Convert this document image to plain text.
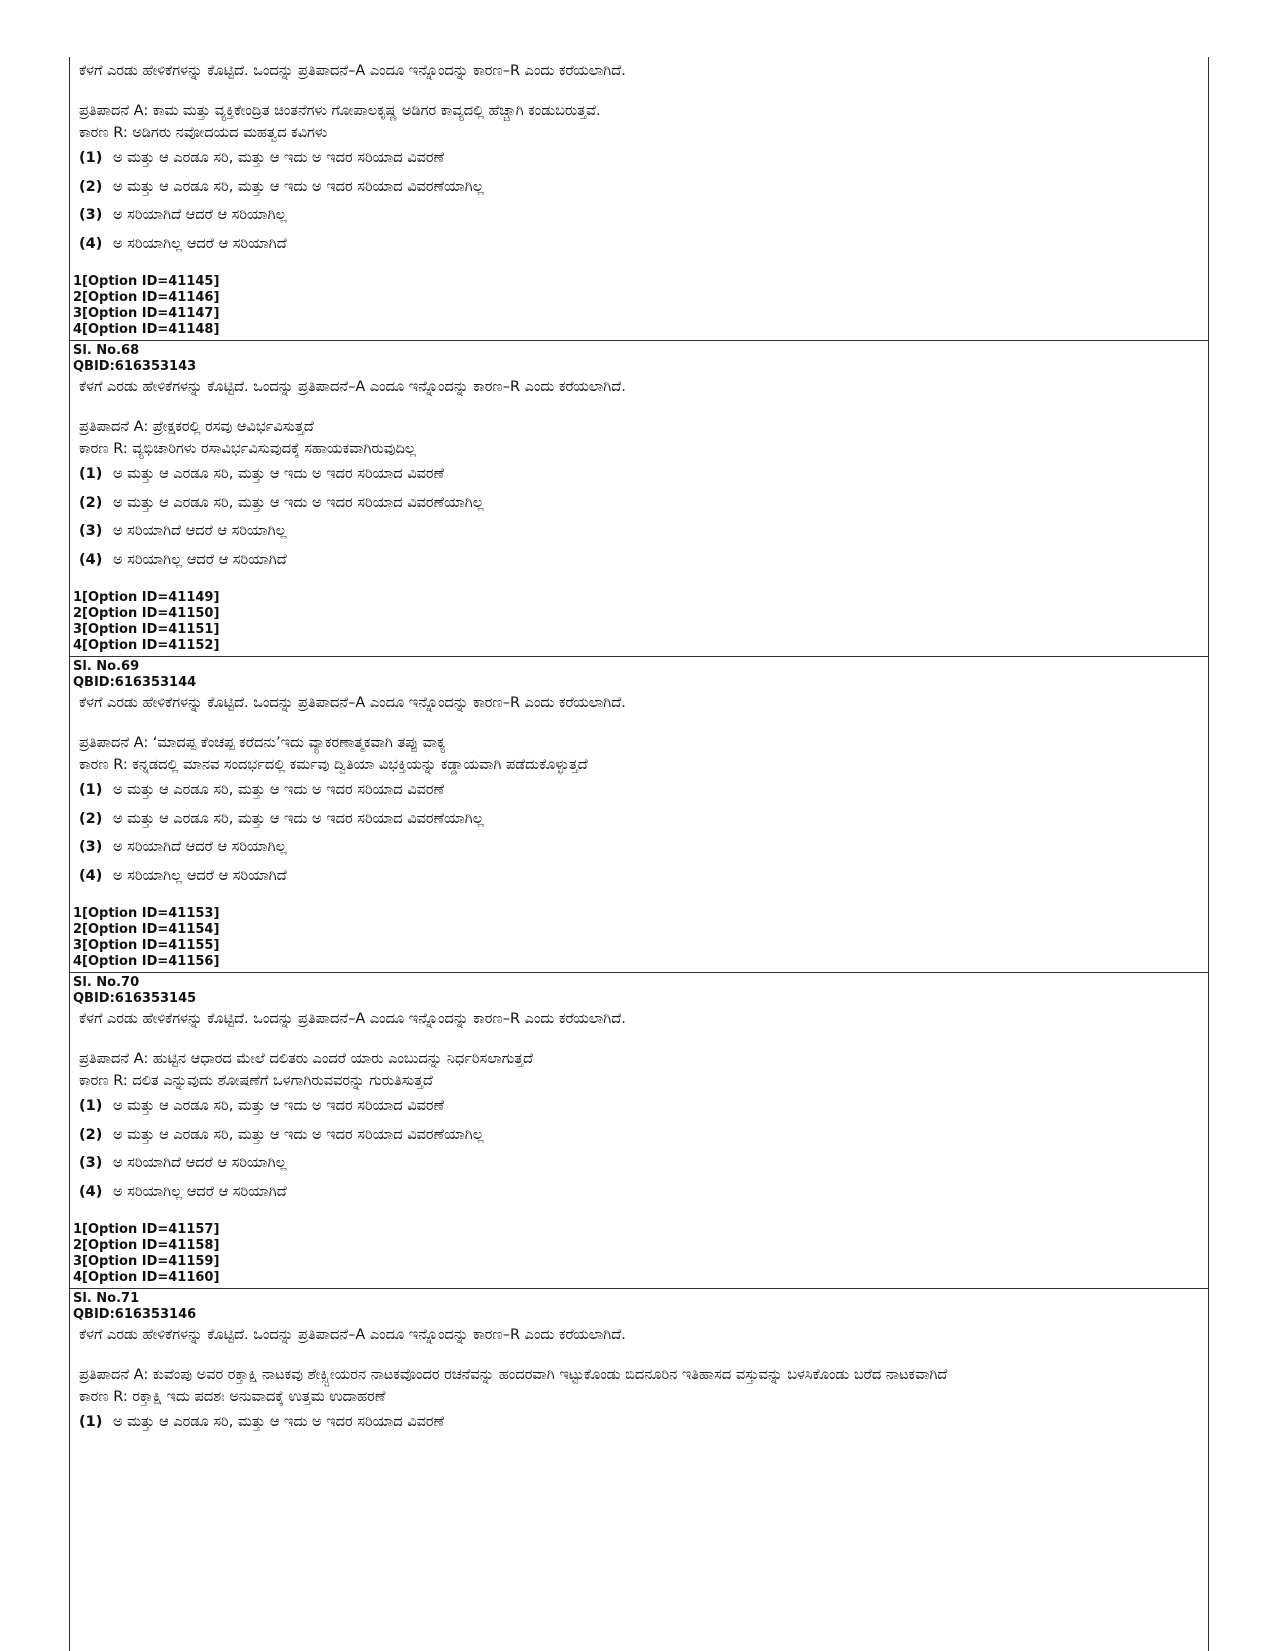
ಕೆಳಗೆ ಎರಡು ಹೇಳಿಕೆಗಳನ್ನು ಕೊಟ್ಟಿದೆ. ಒಂದನ್ನು ಪ್ರತಿಪಾದನೆ–A ಎಂದೂ ಇನ್ನೊಂದನ್ನು ಕಾರಣ–R ಎಂದು ಕರೆಯಲಾಗಿದೆ.
ಪ್ರತಿಪಾದನೆ A: ಕಾಮ ಮತ್ತು ವ್ಯಕ್ತಿಕೇಂದ್ರಿತ ಚಿಂತನೆಗಳು ಗೋಪಾಲಕೃಷ್ಣ ಅಡಿಗರ ಕಾವ್ಯದಲ್ಲಿ ಹೆಚ್ಚಾಗಿ ಕಂಡುಬರುತ್ತವೆ.
ಕಾರಣ R: ಅಡಿಗರು ನವೋದಯದ ಮಹತ್ವದ ಕವಿಗಳು
(1) ಅ ಮತ್ತು ಆ ಎರಡೂ ಸರಿ, ಮತ್ತು ಆ ಇದು ಅ ಇದರ ಸರಿಯಾದ ವಿವರಣೆ
(2) ಅ ಮತ್ತು ಆ ಎರಡೂ ಸರಿ, ಮತ್ತು ಆ ಇದು ಅ ಇದರ ಸರಿಯಾದ ವಿವರಣೆಯಾಗಿಲ್ಲ
(3) ಅ ಸರಿಯಾಗಿದೆ ಆದರೆ ಆ ಸರಿಯಾಗಿಲ್ಲ
(4) ಅ ಸರಿಯಾಗಿಲ್ಲ ಆದರೆ ಆ ಸರಿಯಾಗಿದೆ
1[Option ID=41145]
2[Option ID=41146]
3[Option ID=41147]
4[Option ID=41148]
Sl. No.68
QBID:616353143
ಕೆಳಗೆ ಎರಡು ಹೇಳಿಕೆಗಳನ್ನು ಕೊಟ್ಟಿದೆ. ಒಂದನ್ನು ಪ್ರತಿಪಾದನೆ–A ಎಂದೂ ಇನ್ನೊಂದನ್ನು ಕಾರಣ–R ಎಂದು ಕರೆಯಲಾಗಿದೆ.
ಪ್ರತಿಪಾದನೆ A: ಪ್ರೇಕ್ಷಕರಲ್ಲಿ ರಸವು ಆವಿರ್ಭವಿಸುತ್ತದೆ
ಕಾರಣ R: ವ್ಯಭಿಚಾರಿಗಳು ರಸಾವಿರ್ಭವಿಸುವುದಕ್ಕೆ ಸಹಾಯಕವಾಗಿರುವುದಿಲ್ಲ
(1) ಅ ಮತ್ತು ಆ ಎರಡೂ ಸರಿ, ಮತ್ತು ಆ ಇದು ಅ ಇದರ ಸರಿಯಾದ ವಿವರಣೆ
(2) ಅ ಮತ್ತು ಆ ಎರಡೂ ಸರಿ, ಮತ್ತು ಆ ಇದು ಅ ಇದರ ಸರಿಯಾದ ವಿವರಣೆಯಾಗಿಲ್ಲ
(3) ಅ ಸರಿಯಾಗಿದೆ ಆದರೆ ಆ ಸರಿಯಾಗಿಲ್ಲ
(4) ಅ ಸರಿಯಾಗಿಲ್ಲ ಆದರೆ ಆ ಸರಿಯಾಗಿದೆ
1[Option ID=41149]
2[Option ID=41150]
3[Option ID=41151]
4[Option ID=41152]
Sl. No.69
QBID:616353144
ಕೆಳಗೆ ಎರಡು ಹೇಳಿಕೆಗಳನ್ನು ಕೊಟ್ಟಿದೆ. ಒಂದನ್ನು ಪ್ರತಿಪಾದನೆ–A ಎಂದೂ ಇನ್ನೊಂದನ್ನು ಕಾರಣ–R ಎಂದು ಕರೆಯಲಾಗಿದೆ.
ಪ್ರತಿಪಾದನೆ A: ‘ಮಾದಪ್ಪ ಕೆಂಚಪ್ಪ ಕರೆದನು’ಇದು ವ್ಯಾಕರಣಾತ್ಮಕವಾಗಿ ತಪ್ಪು ವಾಕ್ಯ
ಕಾರಣ R: ಕನ್ನಡದಲ್ಲಿ ಮಾನವ ಸಂದರ್ಭದಲ್ಲಿ ಕರ್ಮವು ದ್ವಿತಿಯಾ ವಿಭಕ್ತಿಯನ್ನು ಕಡ್ಡಾಯವಾಗಿ ಪಡೆದುಕೊಳ್ಳುತ್ತದೆ
(1) ಅ ಮತ್ತು ಆ ಎರಡೂ ಸರಿ, ಮತ್ತು ಆ ಇದು ಅ ಇದರ ಸರಿಯಾದ ವಿವರಣೆ
(2) ಅ ಮತ್ತು ಆ ಎರಡೂ ಸರಿ, ಮತ್ತು ಆ ಇದು ಅ ಇದರ ಸರಿಯಾದ ವಿವರಣೆಯಾಗಿಲ್ಲ
(3) ಅ ಸರಿಯಾಗಿದೆ ಆದರೆ ಆ ಸರಿಯಾಗಿಲ್ಲ
(4) ಅ ಸರಿಯಾಗಿಲ್ಲ ಆದರೆ ಆ ಸರಿಯಾಗಿದೆ
1[Option ID=41153]
2[Option ID=41154]
3[Option ID=41155]
4[Option ID=41156]
Sl. No.70
QBID:616353145
ಕೆಳಗೆ ಎರಡು ಹೇಳಿಕೆಗಳನ್ನು ಕೊಟ್ಟಿದೆ. ಒಂದನ್ನು ಪ್ರತಿಪಾದನೆ–A ಎಂದೂ ಇನ್ನೊಂದನ್ನು ಕಾರಣ–R ಎಂದು ಕರೆಯಲಾಗಿದೆ.
ಪ್ರತಿಪಾದನೆ A: ಹುಟ್ಟಿನ ಆಧಾರದ ಮೇಲೆ ದಲಿತರು ಎಂದರೆ ಯಾರು ಎಂಬುದನ್ನು ನಿರ್ಧರಿಸಲಾಗುತ್ತದೆ
ಕಾರಣ R: ದಲಿತ ಎನ್ನುವುದು ಶೋಷಣೆಗೆ ಒಳಗಾಗಿರುವವರನ್ನು ಗುರುತಿಸುತ್ತದೆ
(1) ಅ ಮತ್ತು ಆ ಎರಡೂ ಸರಿ, ಮತ್ತು ಆ ಇದು ಅ ಇದರ ಸರಿಯಾದ ವಿವರಣೆ
(2) ಅ ಮತ್ತು ಆ ಎರಡೂ ಸರಿ, ಮತ್ತು ಆ ಇದು ಅ ಇದರ ಸರಿಯಾದ ವಿವರಣೆಯಾಗಿಲ್ಲ
(3) ಅ ಸರಿಯಾಗಿದೆ ಆದರೆ ಆ ಸರಿಯಾಗಿಲ್ಲ
(4) ಅ ಸರಿಯಾಗಿಲ್ಲ ಆದರೆ ಆ ಸರಿಯಾಗಿದೆ
1[Option ID=41157]
2[Option ID=41158]
3[Option ID=41159]
4[Option ID=41160]
Sl. No.71
QBID:616353146
ಕೆಳಗೆ ಎರಡು ಹೇಳಿಕೆಗಳನ್ನು ಕೊಟ್ಟಿದೆ. ಒಂದನ್ನು ಪ್ರತಿಪಾದನೆ–A ಎಂದೂ ಇನ್ನೊಂದನ್ನು ಕಾರಣ–R ಎಂದು ಕರೆಯಲಾಗಿದೆ.
ಪ್ರತಿಪಾದನೆ A: ಕುವೆಂಪು ಅವರ ರಕ್ತಾಕ್ಷಿ ನಾಟಕವು ಶೇಕ್ಸ್ಪೀಯರನ ನಾಟಕವೊಂದರ ರಚನೆವನ್ನು ಹಂದರವಾಗಿ ಇಟ್ಟುಕೊಂಡು ಬಿದನೂರಿನ ಇತಿಹಾಸದ ವಸ್ತುವನ್ನು ಬಳಸಿಕೊಂಡು ಬರೆದ ನಾಟಕವಾಗಿದೆ
ಕಾರಣ R: ರಕ್ತಾಕ್ಷಿ ಇದು ಪದಶಃ ಅನುವಾದಕ್ಕೆ ಉತ್ತಮ ಉದಾಹರಣೆ
(1) ಅ ಮತ್ತು ಆ ಎರಡೂ ಸರಿ, ಮತ್ತು ಆ ಇದು ಅ ಇದರ ಸರಿಯಾದ ವಿವರಣೆ
